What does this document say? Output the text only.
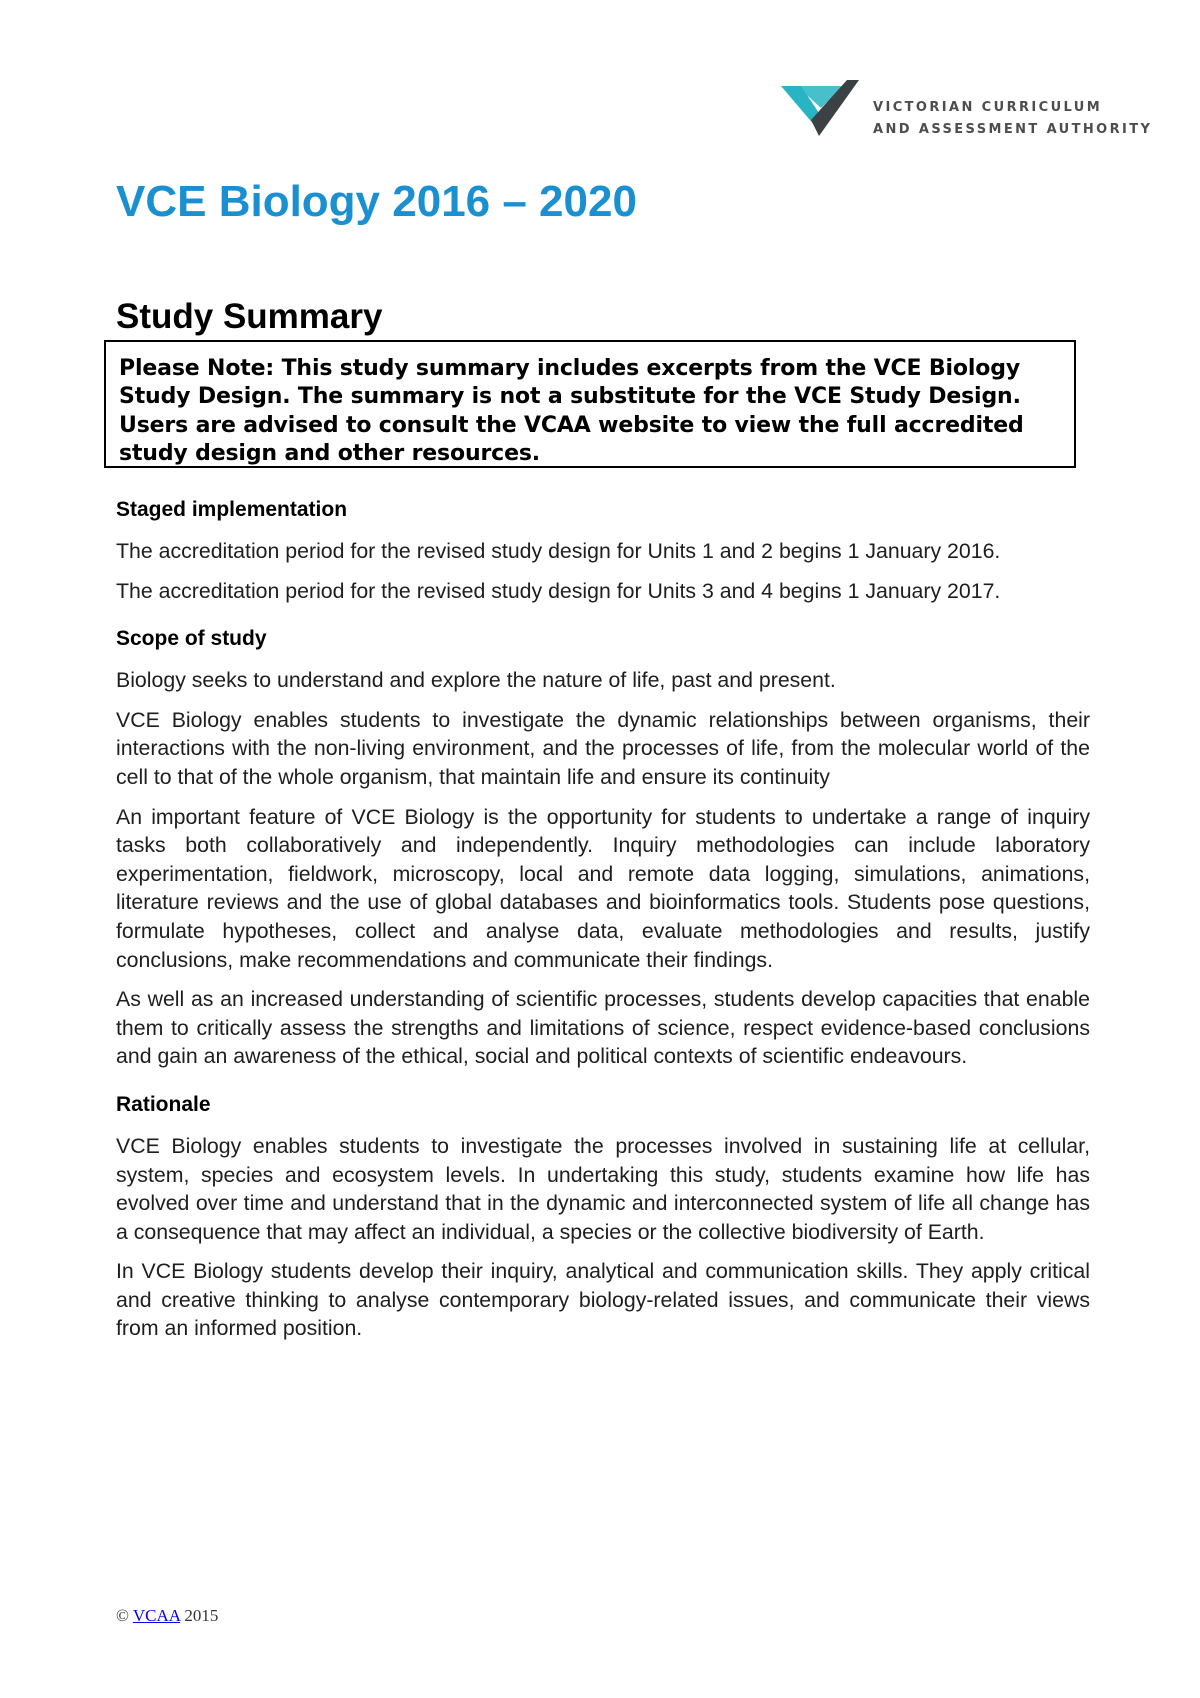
VICTORIAN CURRICULUM
AND ASSESSMENT AUTHORITY
VCE Biology 2016 – 2020
Study Summary
Please Note: This study summary includes excerpts from the VCE Biology Study Design. The summary is not a substitute for the VCE Study Design. Users are advised to consult the VCAA website to view the full accredited study design and other resources.
Staged implementation

The accreditation period for the revised study design for Units 1 and 2 begins 1 January 2016.

The accreditation period for the revised study design for Units 3 and 4 begins 1 January 2017.

Scope of study

Biology seeks to understand and explore the nature of life, past and present.

VCE Biology enables students to investigate the dynamic relationships between organisms, their interactions with the non-living environment, and the processes of life, from the molecular world of the cell to that of the whole organism, that maintain life and ensure its continuity

An important feature of VCE Biology is the opportunity for students to undertake a range of inquiry tasks both collaboratively and independently. Inquiry methodologies can include laboratory experimentation, fieldwork, microscopy, local and remote data logging, simulations, animations, literature reviews and the use of global databases and bioinformatics tools. Students pose questions, formulate hypotheses, collect and analyse data, evaluate methodologies and results, justify conclusions, make recommendations and communicate their findings.

As well as an increased understanding of scientific processes, students develop capacities that enable them to critically assess the strengths and limitations of science, respect evidence-based conclusions and gain an awareness of the ethical, social and political contexts of scientific endeavours.

Rationale

VCE Biology enables students to investigate the processes involved in sustaining life at cellular, system, species and ecosystem levels. In undertaking this study, students examine how life has evolved over time and understand that in the dynamic and interconnected system of life all change has a consequence that may affect an individual, a species or the collective biodiversity of Earth.

In VCE Biology students develop their inquiry, analytical and communication skills. They apply critical and creative thinking to analyse contemporary biology-related issues, and communicate their views from an informed position.

© VCAA 2015
